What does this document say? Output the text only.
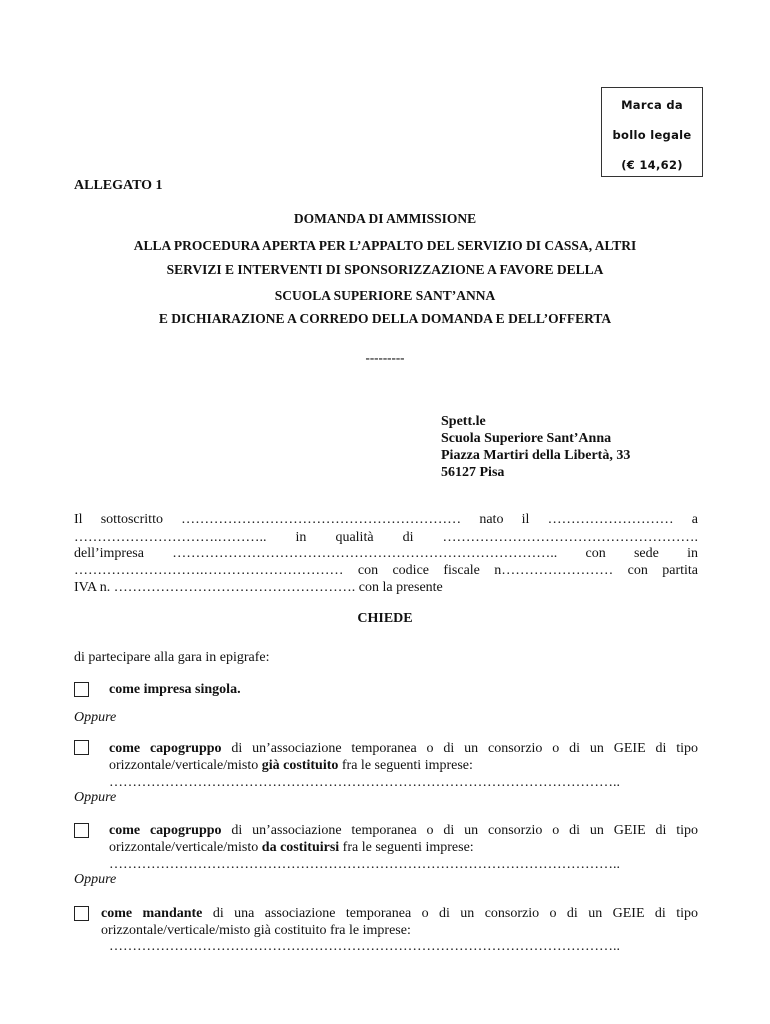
Marca da
bollo legale
(€ 14,62)
ALLEGATO 1
DOMANDA DI AMMISSIONE
ALLA PROCEDURA APERTA PER L’APPALTO DEL SERVIZIO DI CASSA, ALTRI
SERVIZI E INTERVENTI DI SPONSORIZZAZIONE A FAVORE DELLA
SCUOLA SUPERIORE SANT’ANNA
E DICHIARAZIONE A CORREDO DELLA DOMANDA E DELL’OFFERTA
---------
Spett.le
Scuola Superiore Sant’Anna
Piazza Martiri della Libertà, 33
56127 Pisa
Il sottoscritto …………………………………………………… nato il ……………………… a
………………………….……….. in qualità di ……………………………………………….
dell’impresa ……………………………………………………………………….. con sede in
……………………….………………………… con codice fiscale n…………………… con partita
IVA n. ……………………………………………. con la presente
CHIEDE
di partecipare alla gara in epigrafe:
come impresa singola.
Oppure
come capogruppo di un’associazione temporanea o di un consorzio o di un GEIE di tipo
orizzontale/verticale/misto già costituito fra le seguenti imprese:
………………………………………………………………………………………………..
Oppure
come capogruppo di un’associazione temporanea o di un consorzio o di un GEIE di tipo
orizzontale/verticale/misto da costituirsi fra le seguenti imprese:
………………………………………………………………………………………………..
Oppure
come mandante di una associazione temporanea o di un consorzio o di un GEIE di tipo
orizzontale/verticale/misto già costituito fra le imprese:
………………………………………………………………………………………………..
